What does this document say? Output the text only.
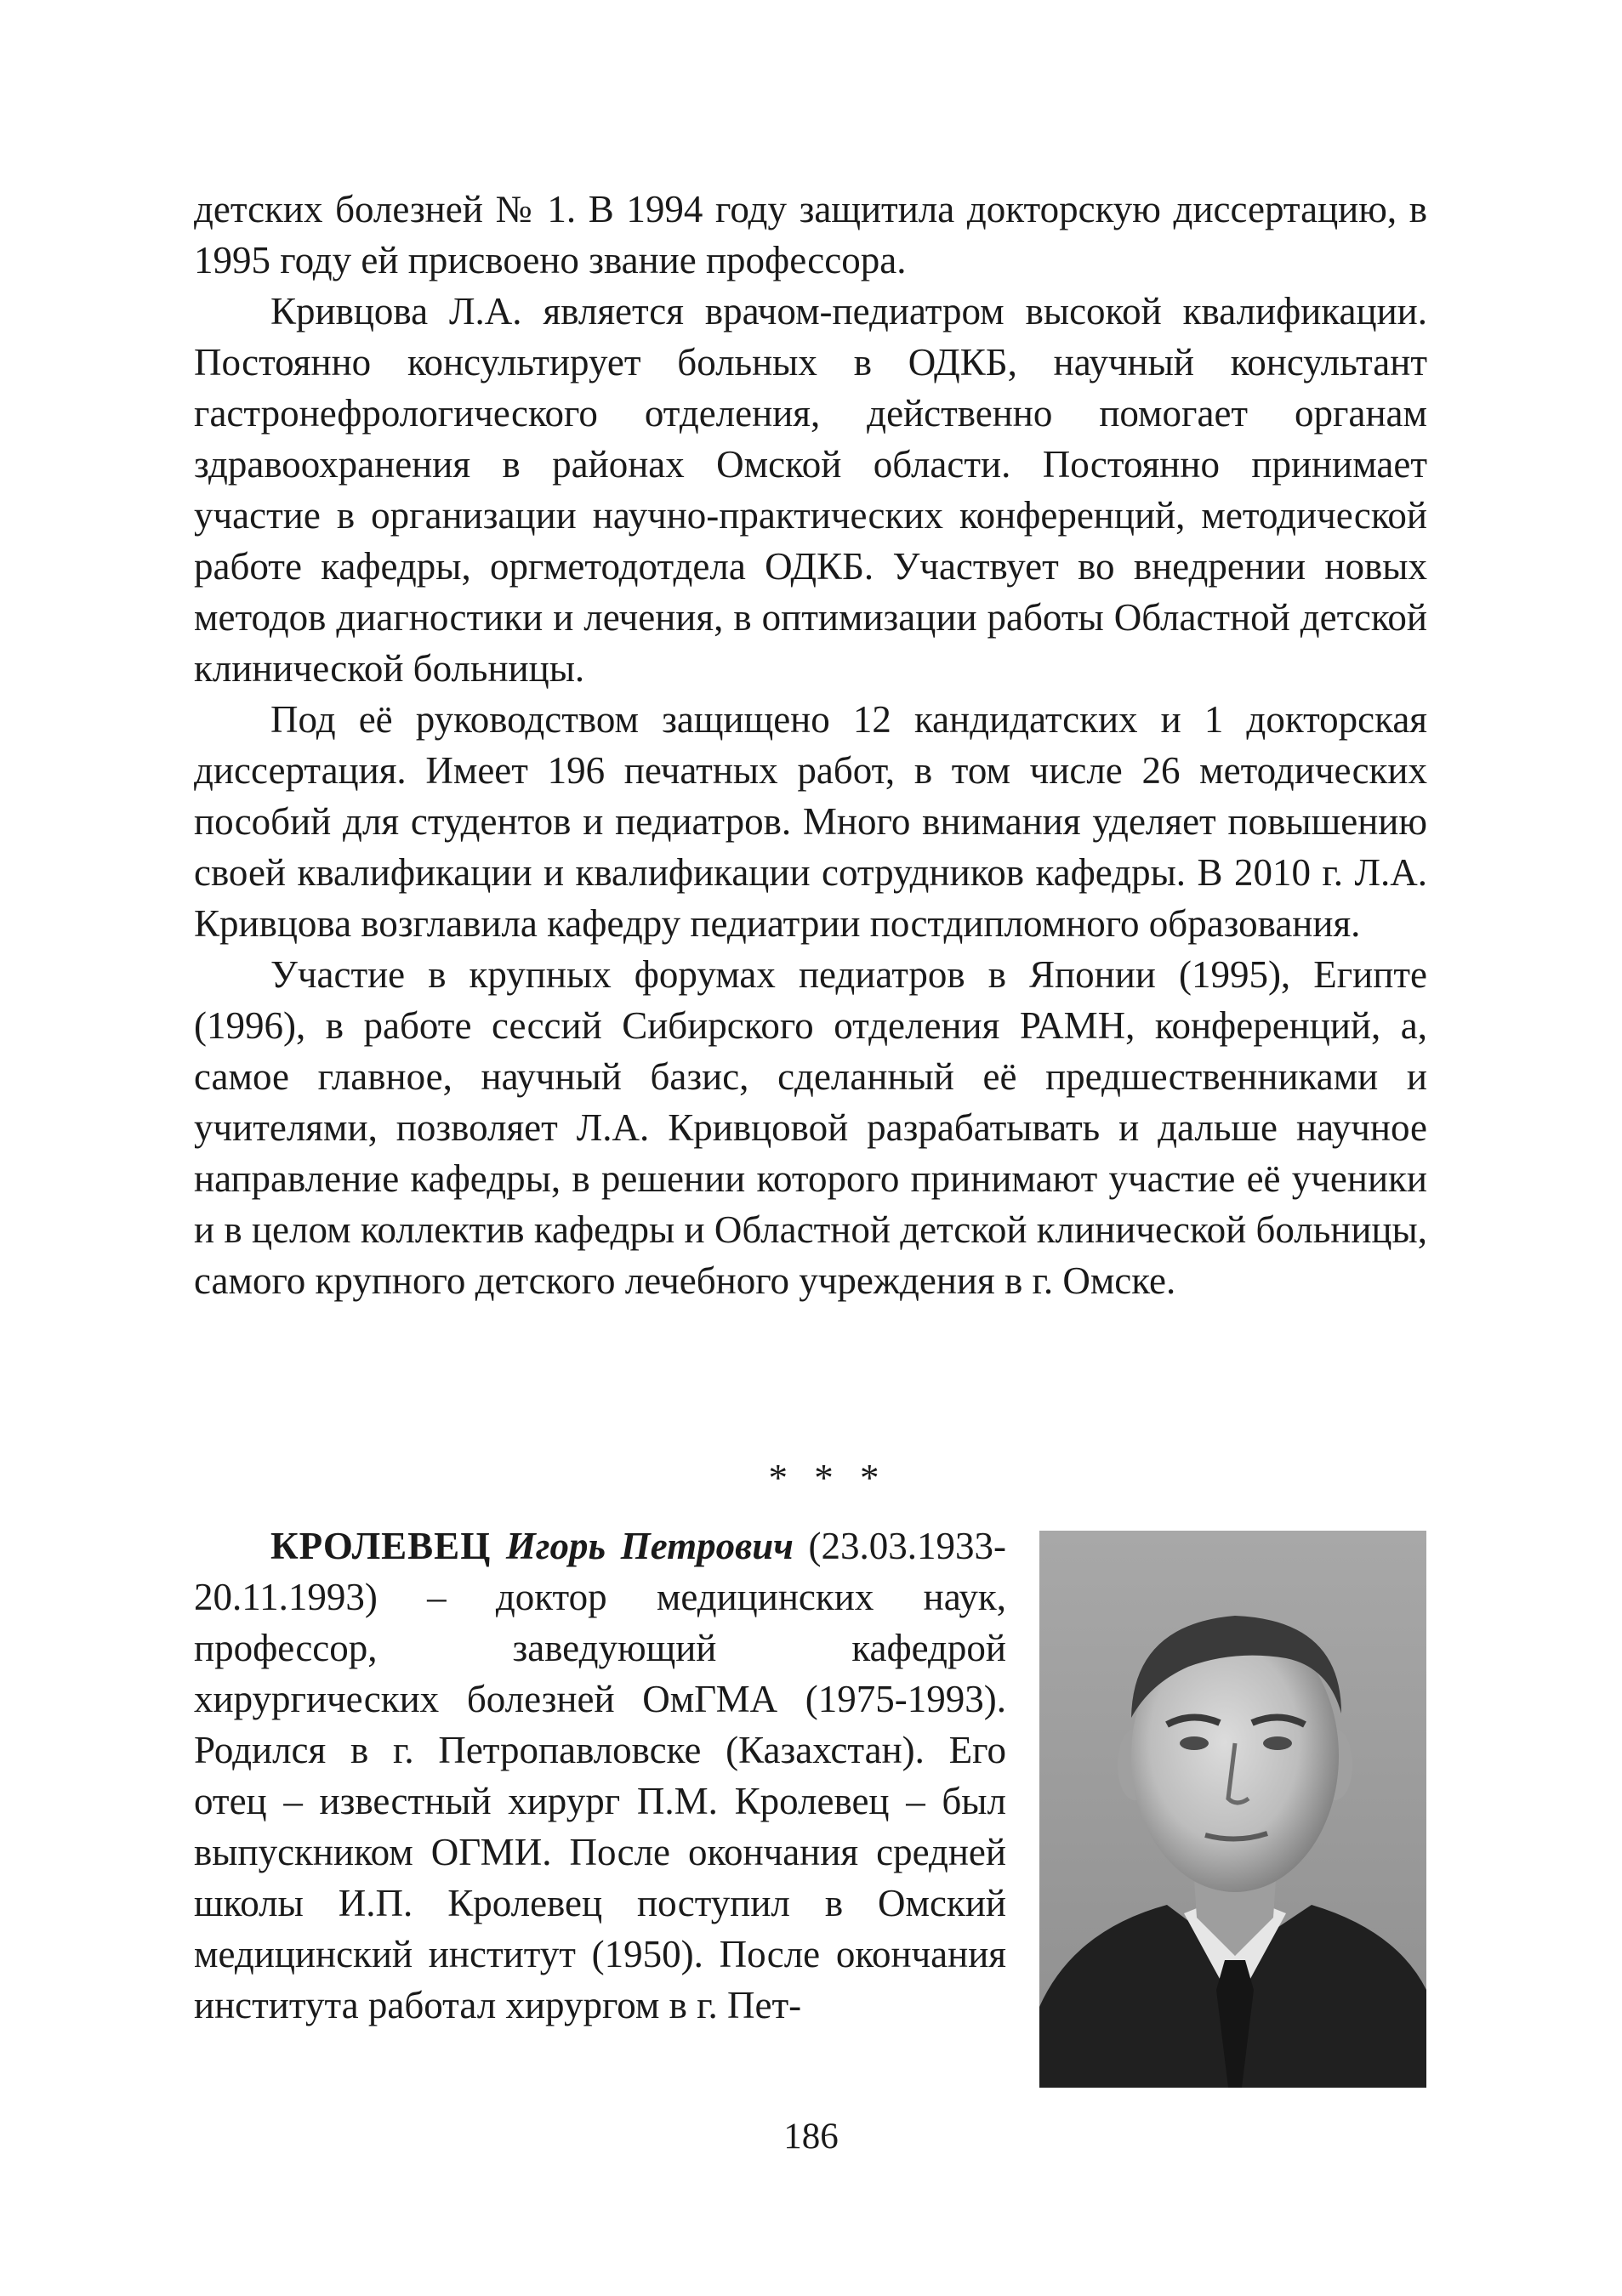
детских болезней № 1. В 1994 году защитила докторскую диссертацию, в 1995 году ей присвоено звание профессора.

Кривцова Л.А. является врачом-педиатром высокой квалификации. Постоянно консультирует больных в ОДКБ, научный консультант гастронефрологического отделения, действенно помогает органам здравоохранения в районах Омской области. Постоянно принимает участие в организации научно-практических конференций, методической работе кафедры, оргметодотдела ОДКБ. Участвует во внедрении новых методов диагностики и лечения, в оптимизации работы Областной детской клинической больницы.

Под её руководством защищено 12 кандидатских и 1 докторская диссертация. Имеет 196 печатных работ, в том числе 26 методических пособий для студентов и педиатров. Много внимания уделяет повышению своей квалификации и квалификации сотрудников кафедры. В 2010 г. Л.А. Кривцова возглавила кафедру педиатрии постдипломного образования.

Участие в крупных форумах педиатров в Японии (1995), Египте (1996), в работе сессий Сибирского отделения РАМН, конференций, а, самое главное, научный базис, сделанный её предшественниками и учителями, позволяет Л.А. Кривцовой разрабатывать и дальше научное направление кафедры, в решении которого принимают участие её ученики и в целом коллектив кафедры и Областной детской клинической больницы, самого крупного детского лечебного учреждения в г. Омске.

* * *

КРОЛЕВЕЦ Игорь Петрович (23.03.1933-20.11.1993) – доктор медицинских наук, профессор, заведующий кафедрой хирургических болезней ОмГМА (1975-1993). Родился в г. Петропавловске (Казахстан). Его отец – известный хирург П.М. Кролевец – был выпускником ОГМИ. После окончания средней школы И.П. Кролевец поступил в Омский медицинский институт (1950). После окончания института работал хирургом в г. Пет-

186
